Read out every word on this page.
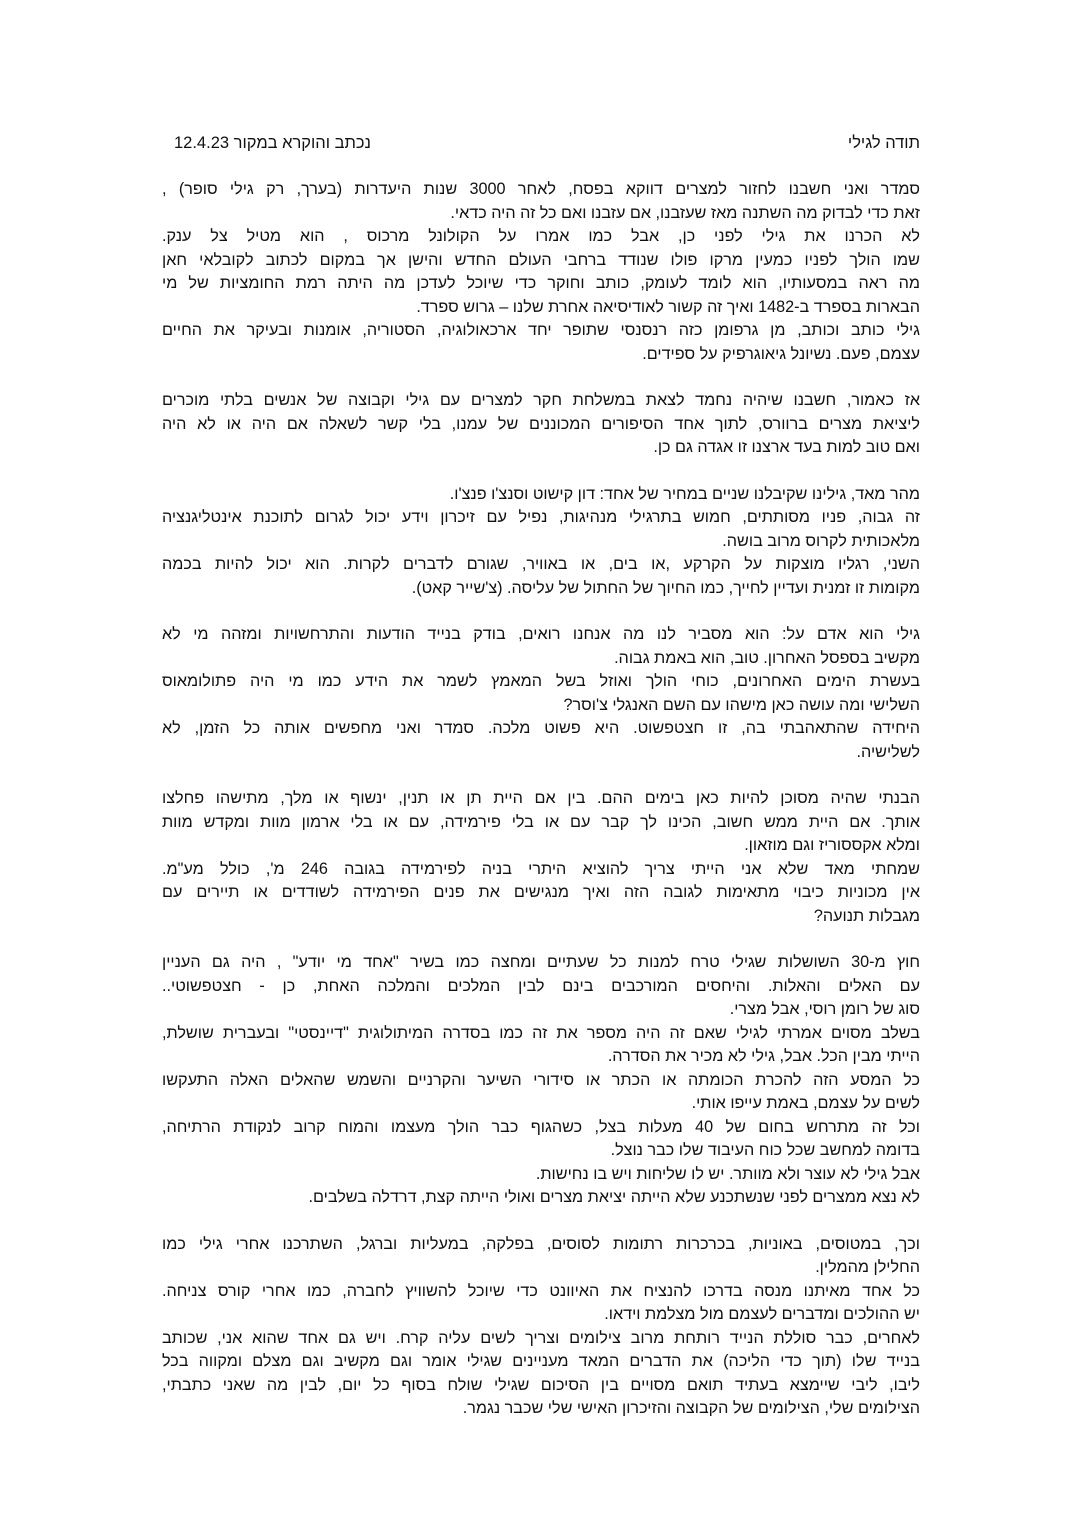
תודה לגילי
נכתב והוקרא במקור 12.4.23
סמדר ואני חשבנו לחזור למצרים דווקא בפסח, לאחר 3000 שנות היעדרות (בערך, רק גילי סופר) ,
זאת כדי לבדוק מה השתנה מאז שעזבנו, אם עזבנו ואם כל זה היה כדאי.
לא הכרנו את גילי לפני כן, אבל כמו אמרו על הקולונל מרכוס , הוא מטיל צל ענק.
שמו הולך לפניו כמעין מרקו פולו שנודד ברחבי העולם החדש והישן אך במקום לכתוב לקובלאי חאן
מה ראה במסעותיו, הוא לומד לעומק, כותב וחוקר כדי שיוכל לעדכן מה היתה רמת החומציות של מי
הבארות בספרד ב-1482 ואיך זה קשור לאודיסיאה אחרת שלנו – גרוש ספרד.
גילי כותב וכותב, מן גרפומן כזה רנסנסי שתופר יחד ארכאולוגיה, הסטוריה, אומנות ובעיקר את החיים
עצמם, פעם. נשיונל גיאוגרפיק על ספידים.
אז כאמור, חשבנו שיהיה נחמד לצאת במשלחת חקר למצרים עם גילי וקבוצה של אנשים בלתי מוכרים
ליציאת מצרים ברוורס, לתוך אחד הסיפורים המכוננים של עמנו, בלי קשר לשאלה אם היה או לא היה
ואם טוב למות בעד ארצנו זו אגדה גם כן.
מהר מאד, גילינו שקיבלנו שניים במחיר של אחד: דון קישוט וסנצ'ו פנצ'ו.
זה גבוה, פניו מסותתים, חמוש בתרגילי מנהיגות, נפיל עם זיכרון וידע יכול לגרום לתוכנת אינטליגנציה
מלאכותית לקרוס מרוב בושה.
השני, רגליו מוצקות על הקרקע ,או בים, או באוויר, שגורם לדברים לקרות. הוא יכול להיות בכמה
מקומות זו זמנית ועדיין לחייך, כמו החיוך של החתול של עליסה. (צ'שייר קאט).
גילי הוא אדם על: הוא מסביר לנו מה אנחנו רואים, בודק בנייד הודעות והתרחשויות ומזהה מי לא
מקשיב בספסל האחרון. טוב, הוא באמת גבוה.
בעשרת הימים האחרונים, כוחי הולך ואוזל בשל המאמץ לשמר את הידע כמו מי היה פתולומאוס
השלישי ומה עושה כאן מישהו עם השם האנגלי צ'וסר?
היחידה שהתאהבתי בה, זו חצטפשוט. היא פשוט מלכה. סמדר ואני מחפשים אותה כל הזמן, לא
לשלישיה.
הבנתי שהיה מסוכן להיות כאן בימים ההם. בין אם היית תן או תנין, ינשוף או מלך, מתישהו פחלצו
אותך. אם היית ממש חשוב, הכינו לך קבר עם או בלי פירמידה, עם או בלי ארמון מוות ומקדש מוות
ומלא אקססוריז וגם מוזאון.
שמחתי מאד שלא אני הייתי צריך להוציא היתרי בניה לפירמידה בגובה 246 מ', כולל מע"מ.
אין מכוניות כיבוי מתאימות לגובה הזה ואיך מנגישים את פנים הפירמידה לשודדים או תיירים עם
מגבלות תנועה?
חוץ מ-30 השושלות שגילי טרח למנות כל שעתיים ומחצה כמו בשיר "אחד מי יודע" , היה גם העניין
עם האלים והאלות. והיחסים המורכבים בינם לבין המלכים והמלכה האחת, כן - חצטפשוטי..
סוג של רומן רוסי, אבל מצרי.
בשלב מסוים אמרתי לגילי שאם זה היה מספר את זה כמו בסדרה המיתולוגית "דיינסטי" ובעברית שושלת,
הייתי מבין הכל. אבל, גילי לא מכיר את הסדרה.
כל המסע הזה להכרת הכומתה או הכתר או סידורי השיער והקרניים והשמש שהאלים האלה התעקשו
לשים על עצמם, באמת עייפו אותי.
וכל זה מתרחש בחום של 40 מעלות בצל, כשהגוף כבר הולך מעצמו והמוח קרוב לנקודת הרתיחה,
בדומה למחשב שכל כוח העיבוד שלו כבר נוצל.
אבל גילי לא עוצר ולא מוותר. יש לו שליחות ויש בו נחישות.
לא נצא ממצרים לפני שנשתכנע שלא הייתה יציאת מצרים ואולי הייתה קצת, דרדלה בשלבים.
וכך, במטוסים, באוניות, בכרכרות רתומות לסוסים, בפלקה, במעליות וברגל, השתרכנו אחרי גילי כמו
החלילן מהמלין.
כל אחד מאיתנו מנסה בדרכו להנציח את האיוונט כדי שיוכל להשוויץ לחברה, כמו אחרי קורס צניחה.
יש ההולכים ומדברים לעצמם מול מצלמת וידאו.
לאחרים, כבר סוללת הנייד רותחת מרוב צילומים וצריך לשים עליה קרח. ויש גם אחד שהוא אני, שכותב
בנייד שלו (תוך כדי הליכה) את הדברים המאד מעניינים שגילי אומר וגם מקשיב וגם מצלם ומקווה בכל
ליבו, ליבי שיימצא בעתיד תואם מסויים בין הסיכום שגילי שולח בסוף כל יום, לבין מה שאני כתבתי,
הצילומים שלי, הצילומים של הקבוצה והזיכרון האישי שלי שכבר נגמר.
